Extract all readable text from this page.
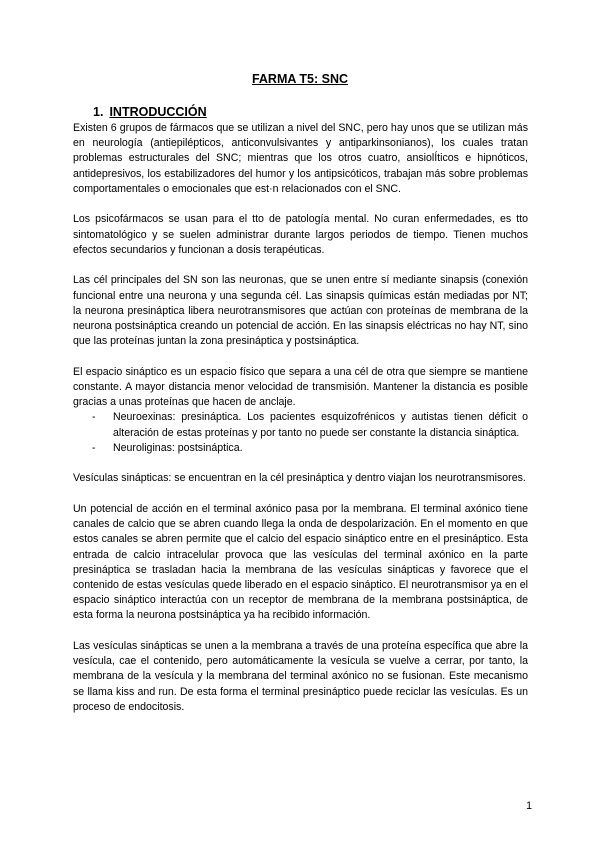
FARMA T5: SNC
1. INTRODUCCIÓN

Existen 6 grupos de fármacos que se utilizan a nivel del SNC, pero hay unos que se utilizan más en neurología (antiepilépticos, anticonvulsivantes y antiparkinsonianos), los cuales tratan problemas estructurales del SNC; mientras que los otros cuatro, ansiolÍticos e hipnóticos, antidepresivos, los estabilizadores del humor y los antipsicóticos, trabajan más sobre problemas comportamentales o emocionales que est·n relacionados con el SNC.

Los psicofármacos se usan para el tto de patología mental. No curan enfermedades, es tto sintomatológico y se suelen administrar durante largos periodos de tiempo. Tienen muchos efectos secundarios y funcionan a dosis terapéuticas.

Las cél principales del SN son las neuronas, que se unen entre sí mediante sinapsis (conexión funcional entre una neurona y una segunda cél. Las sinapsis químicas están mediadas por NT; la neurona presináptica libera neurotransmisores que actúan con proteínas de membrana de la neurona postsináptica creando un potencial de acción. En las sinapsis eléctricas no hay NT, sino que las proteínas juntan la zona presináptica y postsináptica.

El espacio sináptico es un espacio físico que separa a una cél de otra que siempre se mantiene constante. A mayor distancia menor velocidad de transmisión. Mantener la distancia es posible gracias a unas proteínas que hacen de anclaje.

- Neuroexinas: presináptica. Los pacientes esquizofrénicos y autistas tienen déficit o alteración de estas proteínas y por tanto no puede ser constante la distancia sináptica.
- Neuroliginas: postsináptica.

Vesículas sinápticas: se encuentran en la cél presináptica y dentro viajan los neurotransmisores.

Un potencial de acción en el terminal axónico pasa por la membrana. El terminal axónico tiene canales de calcio que se abren cuando llega la onda de despolarización. En el momento en que estos canales se abren permite que el calcio del espacio sináptico entre en el presináptico. Esta entrada de calcio intracelular provoca que las vesículas del terminal axónico en la parte presináptica se trasladan hacia la membrana de las vesículas sinápticas y favorece que el contenido de estas vesículas quede liberado en el espacio sináptico. El neurotransmisor ya en el espacio sináptico interactúa con un receptor de membrana de la membrana postsináptica, de esta forma la neurona postsináptica ya ha recibido información.

Las vesículas sinápticas se unen a la membrana a través de una proteína específica que abre la vesícula, cae el contenido, pero automáticamente la vesícula se vuelve a cerrar, por tanto, la membrana de la vesícula y la membrana del terminal axónico no se fusionan. Este mecanismo se llama kiss and run. De esta forma el terminal presináptico puede reciclar las vesículas. Es un proceso de endocitosis.

1
